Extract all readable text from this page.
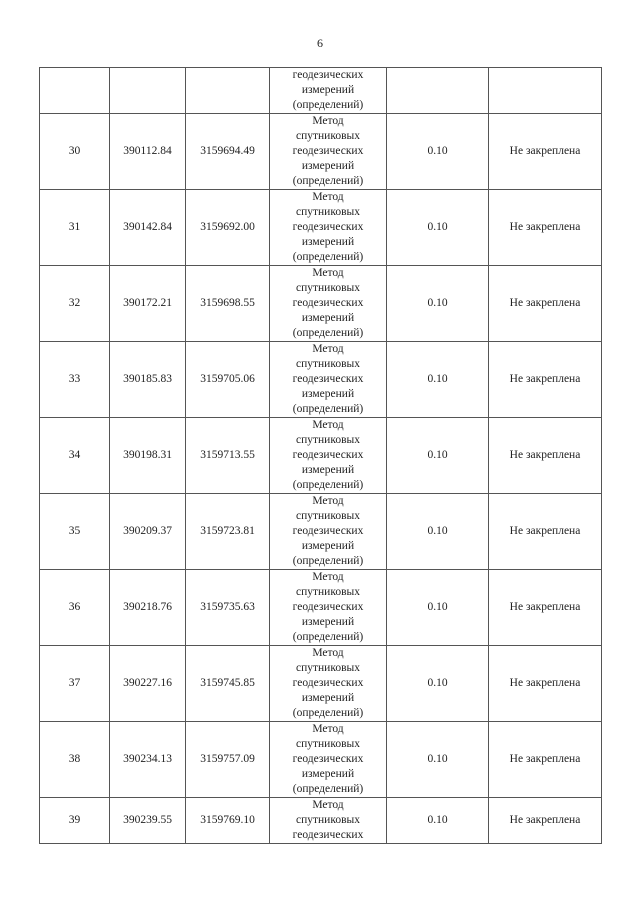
6

			геодезических
измерений
(определений)		

30	390112.84	3159694.49	Метод
спутниковых
геодезических
измерений
(определений)	0.10	Не закреплена
31	390142.84	3159692.00	Метод
спутниковых
геодезических
измерений
(определений)	0.10	Не закреплена
32	390172.21	3159698.55	Метод
спутниковых
геодезических
измерений
(определений)	0.10	Не закреплена
33	390185.83	3159705.06	Метод
спутниковых
геодезических
измерений
(определений)	0.10	Не закреплена
34	390198.31	3159713.55	Метод
спутниковых
геодезических
измерений
(определений)	0.10	Не закреплена
35	390209.37	3159723.81	Метод
спутниковых
геодезических
измерений
(определений)	0.10	Не закреплена
36	390218.76	3159735.63	Метод
спутниковых
геодезических
измерений
(определений)	0.10	Не закреплена
37	390227.16	3159745.85	Метод
спутниковых
геодезических
измерений
(определений)	0.10	Не закреплена
38	390234.13	3159757.09	Метод
спутниковых
геодезических
измерений
(определений)	0.10	Не закреплена
39	390239.55	3159769.10	Метод
спутниковых
геодезических	0.10	Не закреплена
